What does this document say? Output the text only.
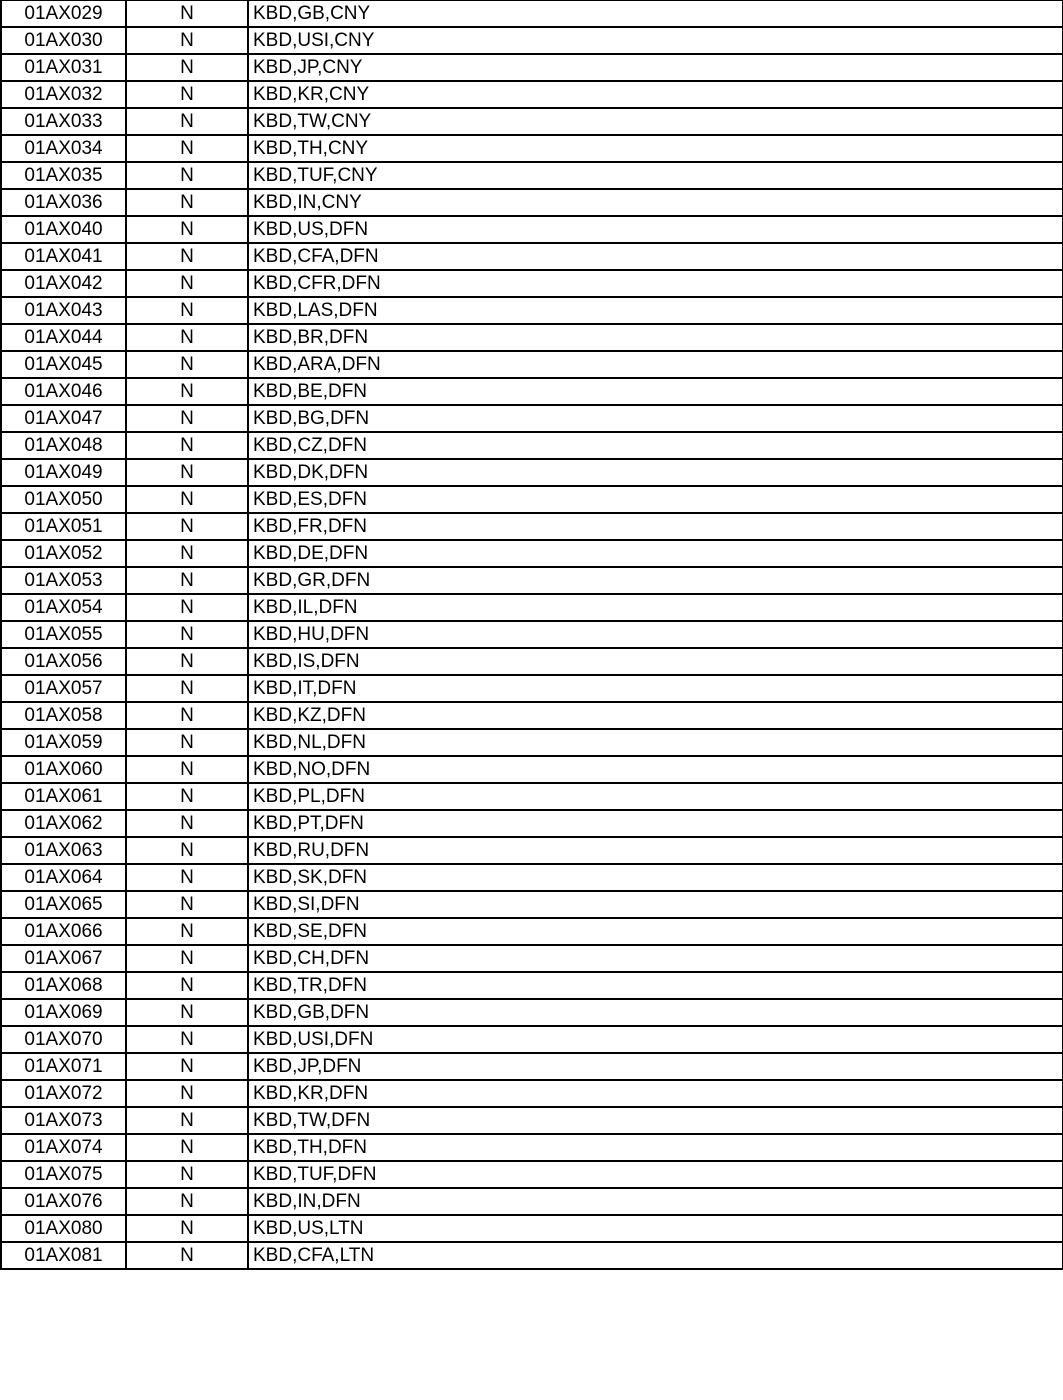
01AX029	N	KBD,GB,CNY
01AX030	N	KBD,USI,CNY
01AX031	N	KBD,JP,CNY
01AX032	N	KBD,KR,CNY
01AX033	N	KBD,TW,CNY
01AX034	N	KBD,TH,CNY
01AX035	N	KBD,TUF,CNY
01AX036	N	KBD,IN,CNY
01AX040	N	KBD,US,DFN
01AX041	N	KBD,CFA,DFN
01AX042	N	KBD,CFR,DFN
01AX043	N	KBD,LAS,DFN
01AX044	N	KBD,BR,DFN
01AX045	N	KBD,ARA,DFN
01AX046	N	KBD,BE,DFN
01AX047	N	KBD,BG,DFN
01AX048	N	KBD,CZ,DFN
01AX049	N	KBD,DK,DFN
01AX050	N	KBD,ES,DFN
01AX051	N	KBD,FR,DFN
01AX052	N	KBD,DE,DFN
01AX053	N	KBD,GR,DFN
01AX054	N	KBD,IL,DFN
01AX055	N	KBD,HU,DFN
01AX056	N	KBD,IS,DFN
01AX057	N	KBD,IT,DFN
01AX058	N	KBD,KZ,DFN
01AX059	N	KBD,NL,DFN
01AX060	N	KBD,NO,DFN
01AX061	N	KBD,PL,DFN
01AX062	N	KBD,PT,DFN
01AX063	N	KBD,RU,DFN
01AX064	N	KBD,SK,DFN
01AX065	N	KBD,SI,DFN
01AX066	N	KBD,SE,DFN
01AX067	N	KBD,CH,DFN
01AX068	N	KBD,TR,DFN
01AX069	N	KBD,GB,DFN
01AX070	N	KBD,USI,DFN
01AX071	N	KBD,JP,DFN
01AX072	N	KBD,KR,DFN
01AX073	N	KBD,TW,DFN
01AX074	N	KBD,TH,DFN
01AX075	N	KBD,TUF,DFN
01AX076	N	KBD,IN,DFN
01AX080	N	KBD,US,LTN
01AX081	N	KBD,CFA,LTN
